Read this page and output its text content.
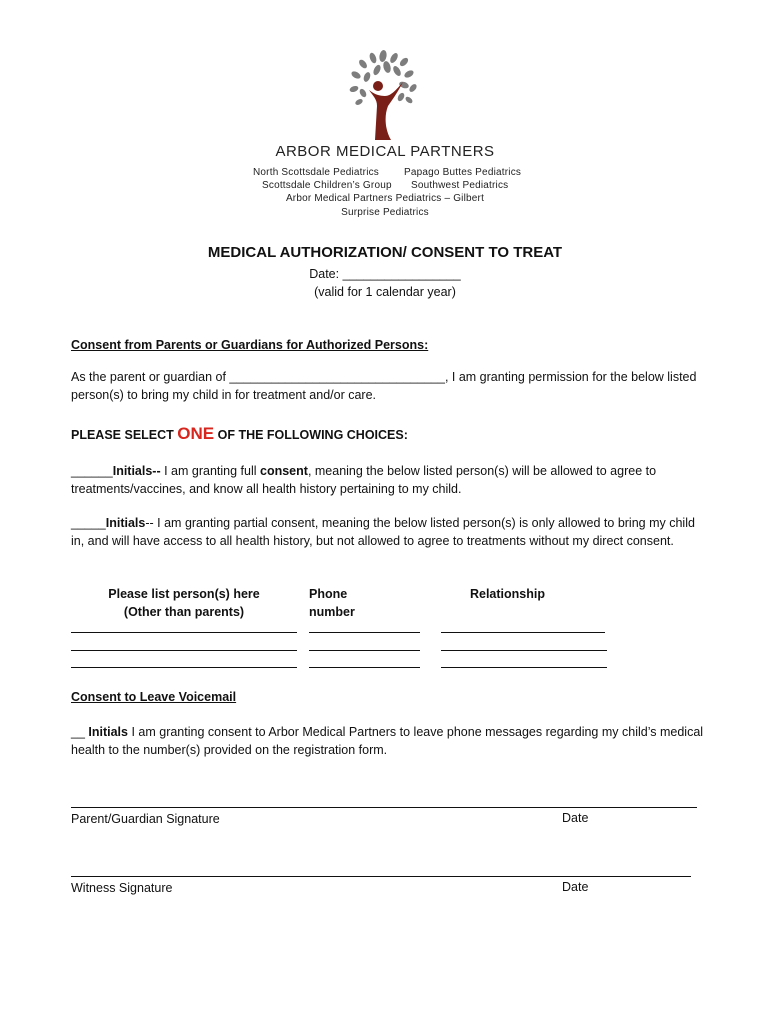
ARBOR MEDICAL PARTNERS
North Scottsdale Pediatrics Papago Buttes Pediatrics
Scottsdale Children’s Group Southwest Pediatrics
Arbor Medical Partners Pediatrics – Gilbert
Surprise Pediatrics
MEDICAL AUTHORIZATION/ CONSENT TO TREAT
Date: _________________
(valid for 1 calendar year)
Consent from Parents or Guardians for Authorized Persons:
As the parent or guardian of _______________________________, I am granting permission for the below listed person(s) to bring my child in for treatment and/or care.
PLEASE SELECT ONE OF THE FOLLOWING CHOICES:
______Initials-- I am granting full consent, meaning the below listed person(s) will be allowed to agree to treatments/vaccines, and know all health history pertaining to my child.
_____Initials-- I am granting partial consent, meaning the below listed person(s) is only allowed to bring my child in, and will have access to all health history, but not allowed to agree to treatments without my direct consent.
Please list person(s) here
(Other than parents)
Phone number
Relationship
Consent to Leave Voicemail
__ Initials I am granting consent to Arbor Medical Partners to leave phone messages regarding my child’s medical health to the number(s) provided on the registration form.
Parent/Guardian Signature	Date
Witness Signature	Date
